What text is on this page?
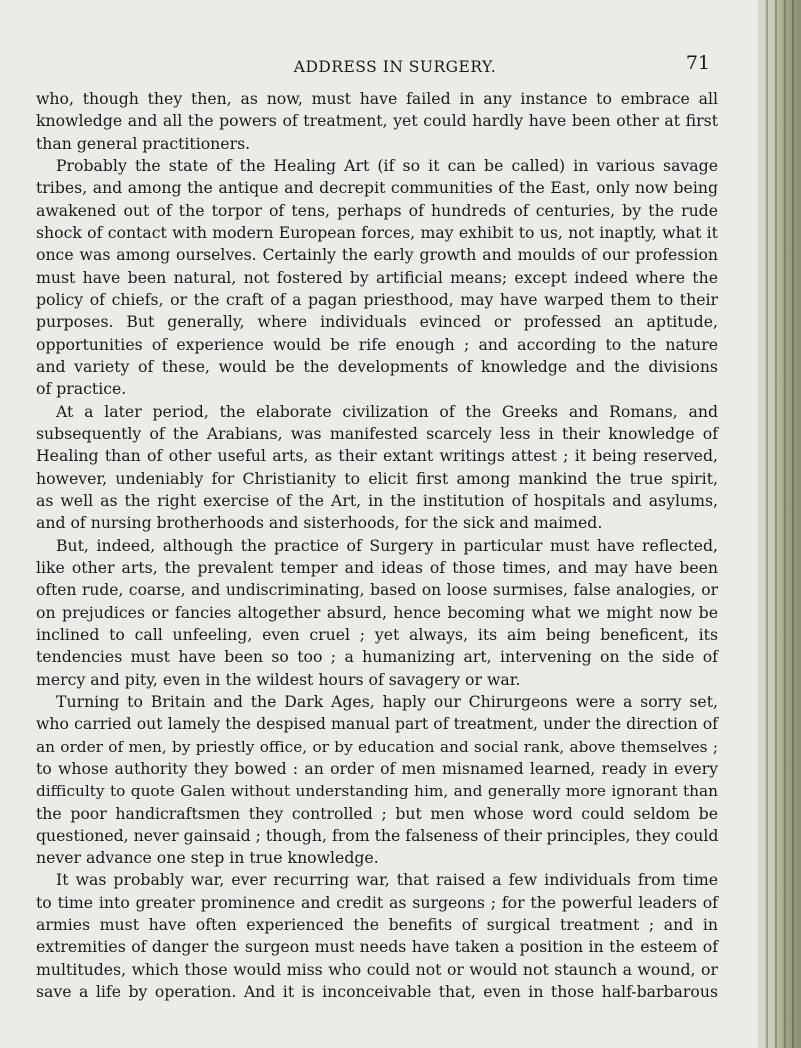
ADDRESS IN SURGERY.	71
who, though they then, as now, must have failed in any instance to embrace all
knowledge and all the powers of treatment, yet could hardly have been other at first
than general practitioners.
Probably the state of the Healing Art (if so it can be called) in various savage
tribes, and among the antique and decrepit communities of the East, only now being
awakened out of the torpor of tens, perhaps of hundreds of centuries, by the rude
shock of contact with modern European forces, may exhibit to us, not inaptly, what it
once was among ourselves. Certainly the early growth and moulds of our profession
must have been natural, not fostered by artificial means; except indeed where the
policy of chiefs, or the craft of a pagan priesthood, may have warped them to their
purposes. But generally, where individuals evinced or professed an aptitude,
opportunities of experience would be rife enough ; and according to the nature
and variety of these, would be the developments of knowledge and the divisions
of practice.
At a later period, the elaborate civilization of the Greeks and Romans, and
subsequently of the Arabians, was manifested scarcely less in their knowledge of
Healing than of other useful arts, as their extant writings attest ; it being reserved,
however, undeniably for Christianity to elicit first among mankind the true spirit,
as well as the right exercise of the Art, in the institution of hospitals and asylums,
and of nursing brotherhoods and sisterhoods, for the sick and maimed.
But, indeed, although the practice of Surgery in particular must have reflected,
like other arts, the prevalent temper and ideas of those times, and may have been
often rude, coarse, and undiscriminating, based on loose surmises, false analogies, or
on prejudices or fancies altogether absurd, hence becoming what we might now be
inclined to call unfeeling, even cruel ; yet always, its aim being beneficent, its
tendencies must have been so too ; a humanizing art, intervening on the side of
mercy and pity, even in the wildest hours of savagery or war.
Turning to Britain and the Dark Ages, haply our Chirurgeons were a sorry set,
who carried out lamely the despised manual part of treatment, under the direction of
an order of men, by priestly office, or by education and social rank, above themselves ;
to whose authority they bowed : an order of men misnamed learned, ready in every
difficulty to quote Galen without understanding him, and generally more ignorant than
the poor handicraftsmen they controlled ; but men whose word could seldom be
questioned, never gainsaid ; though, from the falseness of their principles, they could
never advance one step in true knowledge.
It was probably war, ever recurring war, that raised a few individuals from time
to time into greater prominence and credit as surgeons ; for the powerful leaders of
armies must have often experienced the benefits of surgical treatment ; and in
extremities of danger the surgeon must needs have taken a position in the esteem of
multitudes, which those would miss who could not or would not staunch a wound, or
save a life by operation. And it is inconceivable that, even in those half-barbarous
